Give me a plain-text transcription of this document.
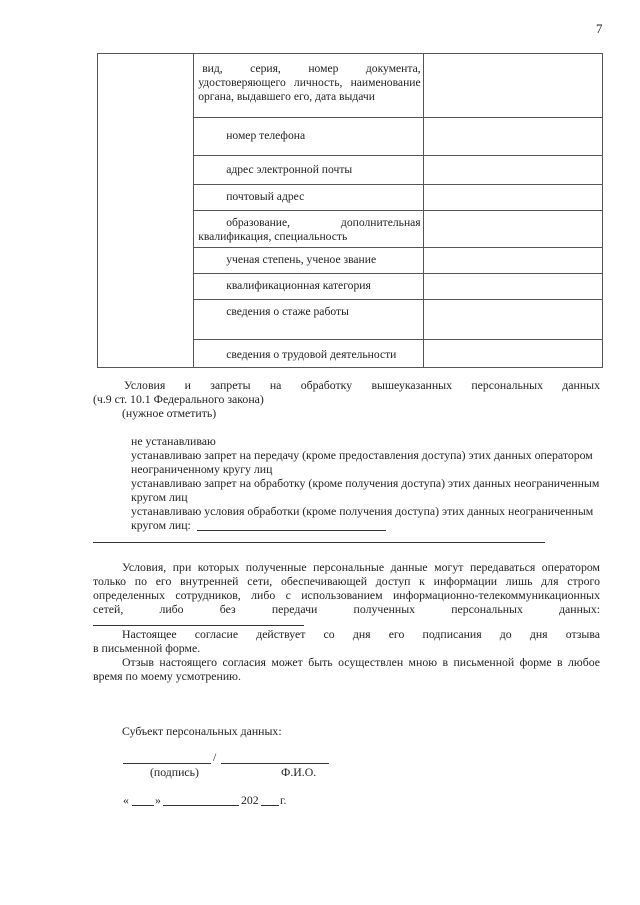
7

	вид, серия, номер документа, удостоверяющего личность, наименование органа, выдавшего его, дата выдачи	

	номер телефона	

	адрес электронной почты	

	почтовый адрес	

	образование, дополнительная квалификация, специальность	

	ученая степень, ученое звание	

	квалификационная категория	

	сведения о стаже работы	

	сведения о трудовой деятельности	

Условия и запреты на обработку вышеуказанных персональных данных

(ч.9 ст. 10.1 Федерального закона)

(нужное отметить)

не устанавливаю

устанавливаю запрет на передачу (кроме предоставления доступа) этих данных оператором

неограниченному кругу лиц

устанавливаю запрет на обработку (кроме получения доступа) этих данных неограниченным

кругом лиц

устанавливаю условия обработки (кроме получения доступа) этих данных неограниченным

кругом лиц:

Условия, при которых полученные персональные данные могут передаваться оператором

только по его внутренней сети, обеспечивающей доступ к информации лишь для строго

определенных сотрудников, либо с использованием информационно-телекоммуникационных

сетей, либо без передачи полученных персональных данных:

Настоящее согласие действует со дня его подписания до дня отзыва

в письменной форме.

Отзыв настоящего согласия может быть осуществлен мною в письменной форме в любое

время по моему усмотрению.

Субъект персональных данных:

/
(подпись)	Ф.И.О.
« »	202 г.
